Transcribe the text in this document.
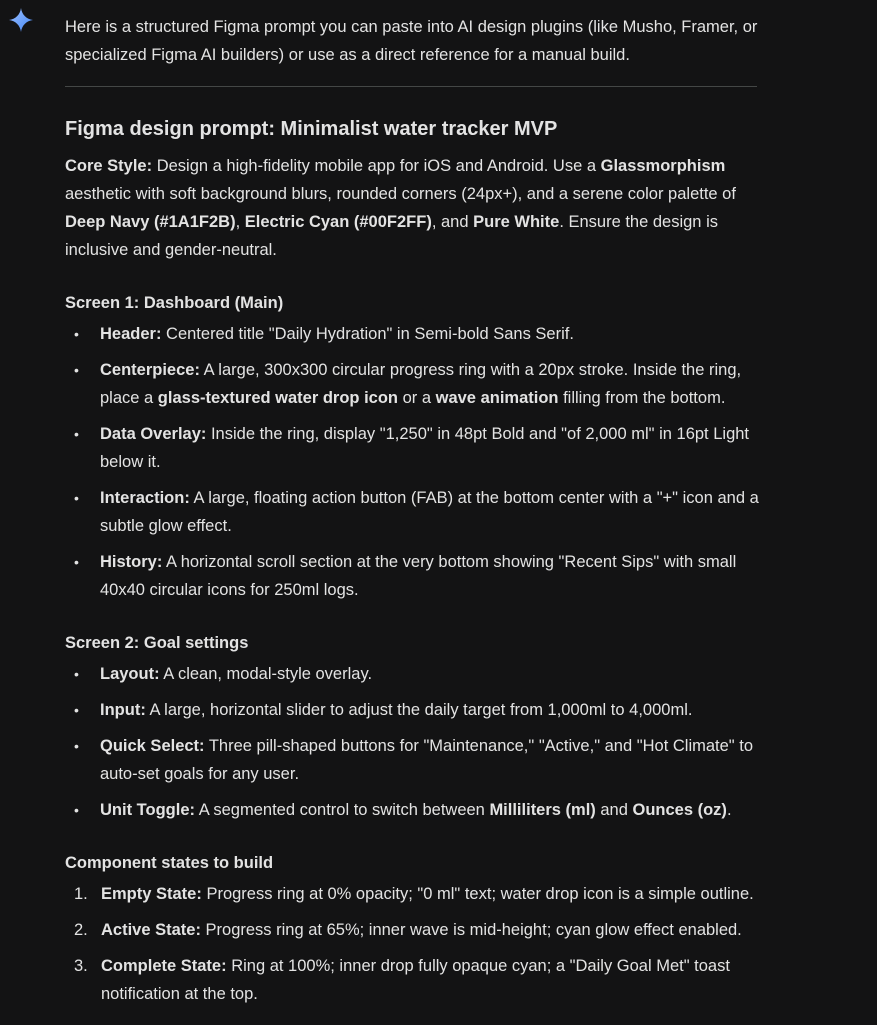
Here is a structured Figma prompt you can paste into AI design plugins (like Musho, Framer, or specialized Figma AI builders) or use as a direct reference for a manual build.

Figma design prompt: Minimalist water tracker MVP

Core Style: Design a high-fidelity mobile app for iOS and Android. Use a Glassmorphism aesthetic with soft background blurs, rounded corners (24px+), and a serene color palette of Deep Navy (#1A1F2B), Electric Cyan (#00F2FF), and Pure White. Ensure the design is inclusive and gender-neutral.

Screen 1: Dashboard (Main)
• Header: Centered title "Daily Hydration" in Semi-bold Sans Serif.
• Centerpiece: A large, 300x300 circular progress ring with a 20px stroke. Inside the ring, place a glass-textured water drop icon or a wave animation filling from the bottom.
• Data Overlay: Inside the ring, display "1,250" in 48pt Bold and "of 2,000 ml" in 16pt Light below it.
• Interaction: A large, floating action button (FAB) at the bottom center with a "+" icon and a subtle glow effect.
• History: A horizontal scroll section at the very bottom showing "Recent Sips" with small 40x40 circular icons for 250ml logs.
Screen 2: Goal settings
• Layout: A clean, modal-style overlay.
• Input: A large, horizontal slider to adjust the daily target from 1,000ml to 4,000ml.
• Quick Select: Three pill-shaped buttons for "Maintenance," "Active," and "Hot Climate" to auto-set goals for any user.
• Unit Toggle: A segmented control to switch between Milliliters (ml) and Ounces (oz).
Component states to build
1. Empty State: Progress ring at 0% opacity; "0 ml" text; water drop icon is a simple outline.
2. Active State: Progress ring at 65%; inner wave is mid-height; cyan glow effect enabled.
3. Complete State: Ring at 100%; inner drop fully opaque cyan; a "Daily Goal Met" toast notification at the top.
